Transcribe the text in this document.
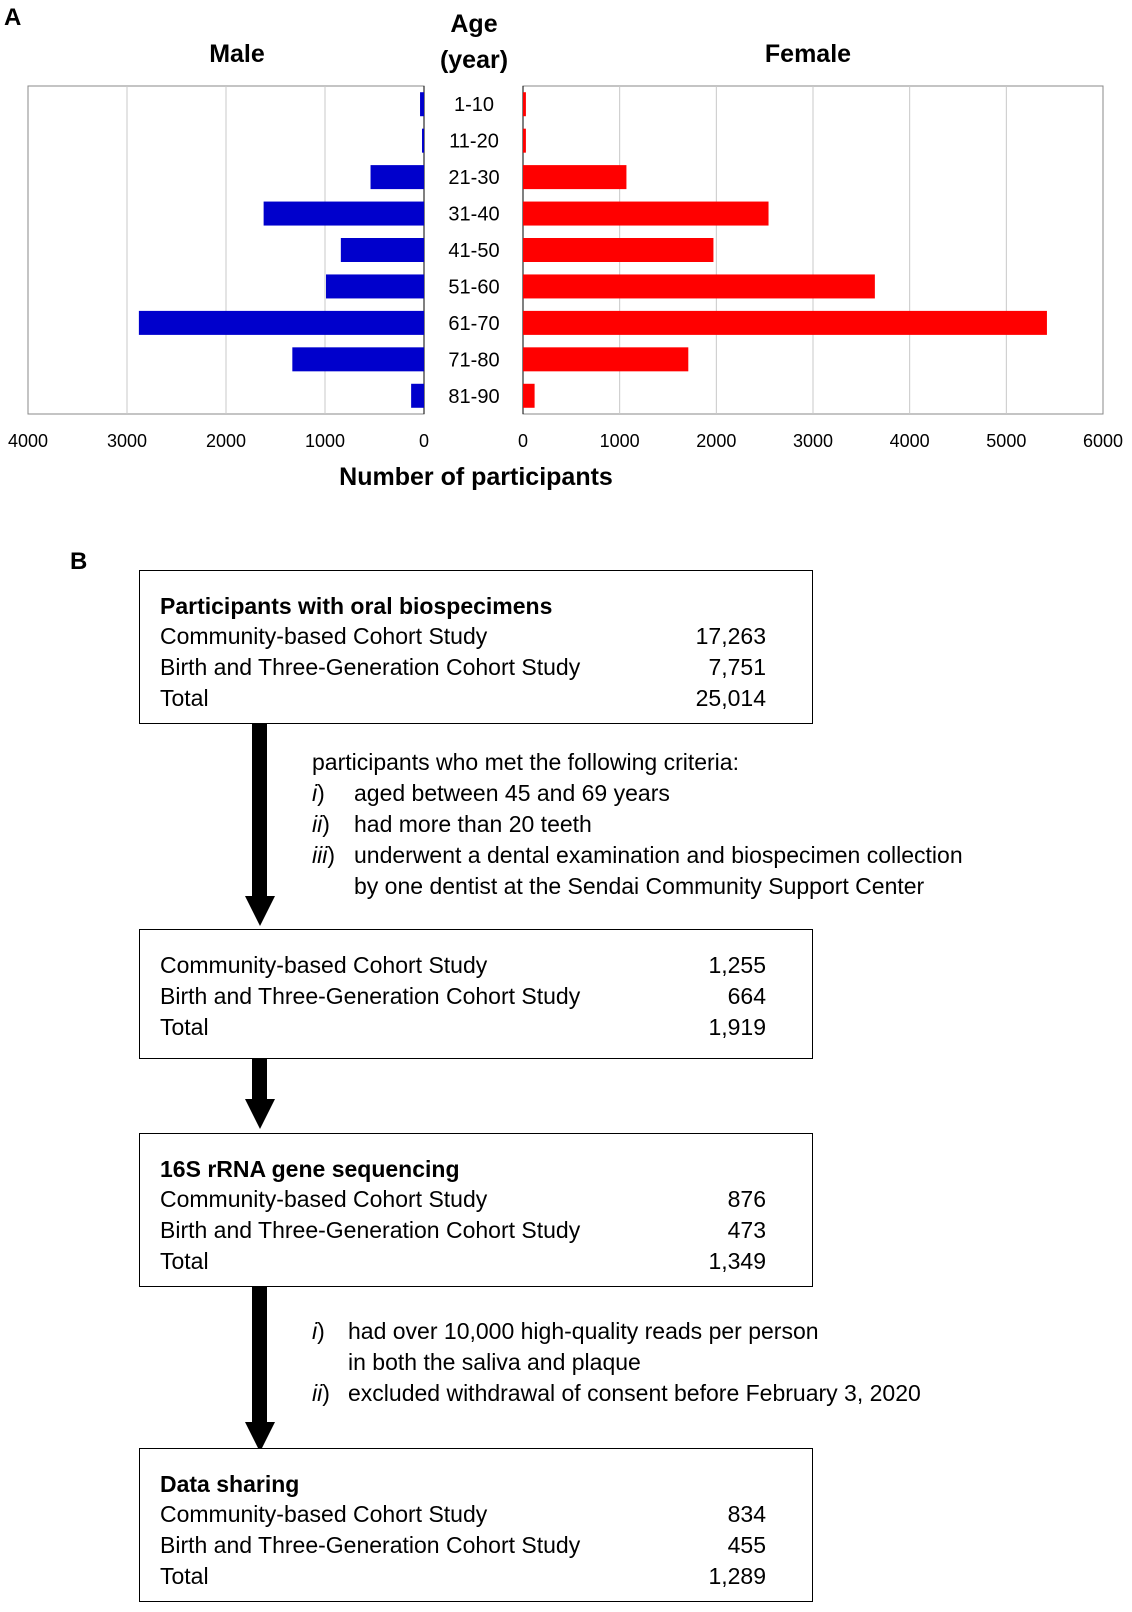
A	Age
(year)
Male	Female
1-10
11-20
21-30
31-40
41-50
51-60
61-70
71-80
81-90
4000	3000	2000	1000	0	0	1000	2000	3000	4000	5000	6000
Number of participants
B
Participants with oral biospecimens
Community-based Cohort Study	17,263
Birth and Three-Generation Cohort Study	7,751
Total	25,014
participants who met the following criteria:
i) aged between 45 and 69 years
ii) had more than 20 teeth
iii) underwent a dental examination and biospecimen collection
by one dentist at the Sendai Community Support Center
Community-based Cohort Study	1,255
Birth and Three-Generation Cohort Study	664
Total	1,919
16S rRNA gene sequencing
Community-based Cohort Study	876
Birth and Three-Generation Cohort Study	473
Total	1,349
i) had over 10,000 high-quality reads per person
in both the saliva and plaque
ii) excluded withdrawal of consent before February 3, 2020
Data sharing
Community-based Cohort Study	834
Birth and Three-Generation Cohort Study	455
Total	1,289
